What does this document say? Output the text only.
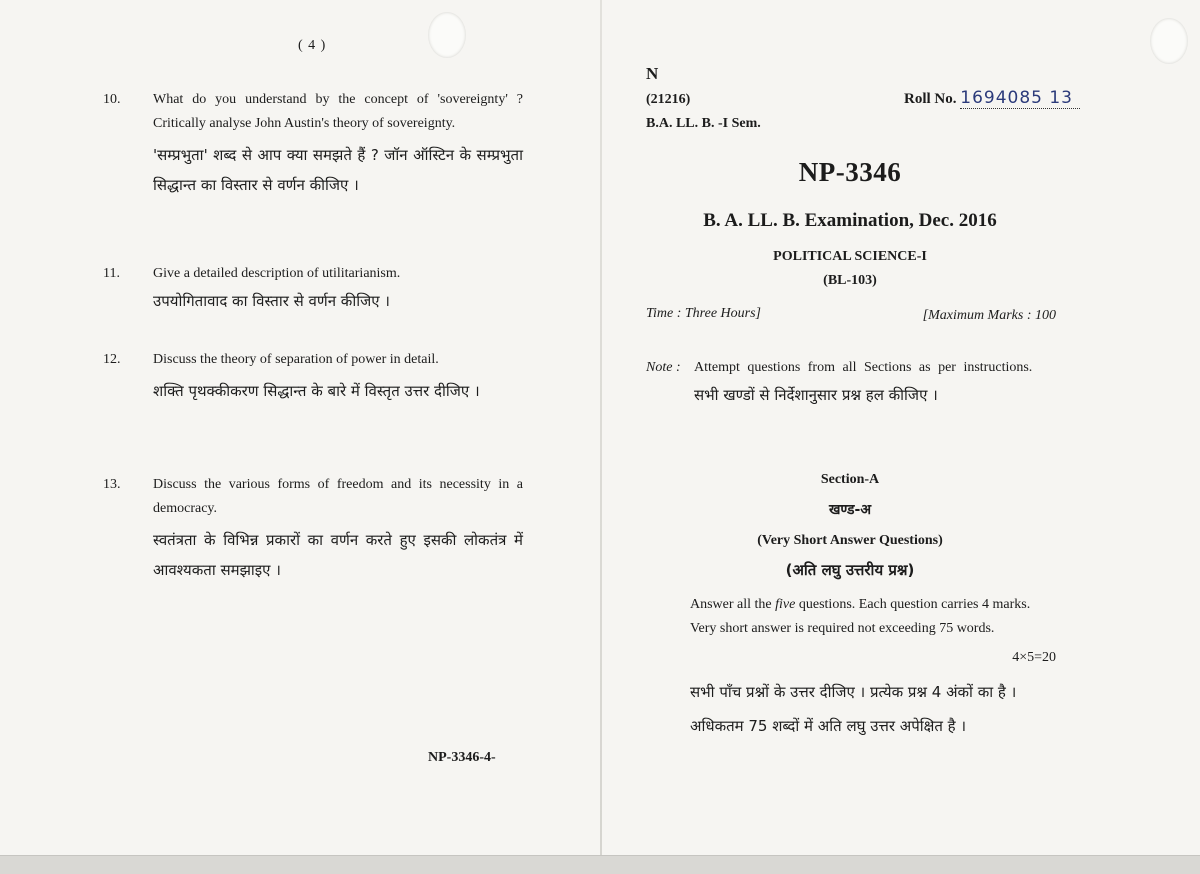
( 4 )
10.	What do you understand by the concept of 'sovereignty' ? Critically analyse John Austin's theory of sovereignty.
'सम्प्रभुता' शब्द से आप क्या समझते हैं ? जॉन ऑस्टिन के सम्प्रभुता सिद्धान्त का विस्तार से वर्णन कीजिए ।
11.	Give a detailed description of utilitarianism.
उपयोगितावाद का विस्तार से वर्णन कीजिए ।
12.	Discuss the theory of separation of power in detail.
शक्ति पृथक्कीकरण सिद्धान्त के बारे में विस्तृत उत्तर दीजिए ।
13.	Discuss the various forms of freedom and its necessity in a democracy.
स्वतंत्रता के विभिन्न प्रकारों का वर्णन करते हुए इसकी लोकतंत्र में आवश्यकता समझाइए ।
NP-3346-4-
N
(21216)
B.A. LL. B. -I Sem.
Roll No. 1694085 13
NP-3346
B. A. LL. B. Examination, Dec. 2016
POLITICAL SCIENCE-I
(BL-103)
Time : Three Hours]	[Maximum Marks : 100
Note : Attempt questions from all Sections as per instructions.
सभी खण्डों से निर्देशानुसार प्रश्न हल कीजिए ।
Section-A
खण्ड-अ
(Very Short Answer Questions)
(अति लघु उत्तरीय प्रश्न)
Answer all the five questions. Each question carries 4 marks. Very short answer is required not exceeding 75 words.
4×5=20
सभी पाँच प्रश्नों के उत्तर दीजिए । प्रत्येक प्रश्न 4 अंकों का है । अधिकतम 75 शब्दों में अति लघु उत्तर अपेक्षित है ।
